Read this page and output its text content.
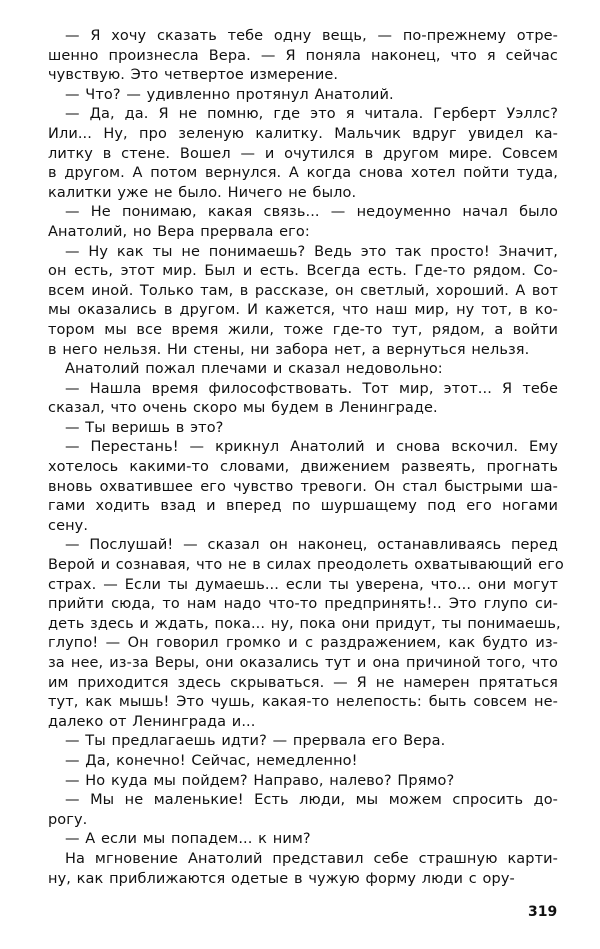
— Я хочу сказать тебе одну вещь, — по-прежнему отре-
шенно произнесла Вера. — Я поняла наконец, что я сейчас
чувствую. Это четвертое измерение.
— Что? — удивленно протянул Анатолий.
— Да, да. Я не помню, где это я читала. Герберт Уэллс?
Или... Ну, про зеленую калитку. Мальчик вдруг увидел ка-
литку в стене. Вошел — и очутился в другом мире. Совсем
в другом. А потом вернулся. А когда снова хотел пойти туда,
калитки уже не было. Ничего не было.
— Не понимаю, какая связь... — недоуменно начал было
Анатолий, но Вера прервала его:
— Ну как ты не понимаешь? Ведь это так просто! Значит,
он есть, этот мир. Был и есть. Всегда есть. Где-то рядом. Со-
всем иной. Только там, в рассказе, он светлый, хороший. А вот
мы оказались в другом. И кажется, что наш мир, ну тот, в ко-
тором мы все время жили, тоже где-то тут, рядом, а войти
в него нельзя. Ни стены, ни забора нет, а вернуться нельзя.
Анатолий пожал плечами и сказал недовольно:
— Нашла время философствовать. Тот мир, этот... Я тебе
сказал, что очень скоро мы будем в Ленинграде.
— Ты веришь в это?
— Перестань! — крикнул Анатолий и снова вскочил. Ему
хотелось какими-то словами, движением развеять, прогнать
вновь охватившее его чувство тревоги. Он стал быстрыми ша-
гами ходить взад и вперед по шуршащему под его ногами
сену.
— Послушай! — сказал он наконец, останавливаясь перед
Верой и сознавая, что не в силах преодолеть охватывающий его
страх. — Если ты думаешь... если ты уверена, что... они могут
прийти сюда, то нам надо что-то предпринять!.. Это глупо си-
деть здесь и ждать, пока... ну, пока они придут, ты понимаешь,
глупо! — Он говорил громко и с раздражением, как будто из-
за нее, из-за Веры, они оказались тут и она причиной того, что
им приходится здесь скрываться. — Я не намерен прятаться
тут, как мышь! Это чушь, какая-то нелепость: быть совсем не-
далеко от Ленинграда и...
— Ты предлагаешь идти? — прервала его Вера.
— Да, конечно! Сейчас, немедленно!
— Но куда мы пойдем? Направо, налево? Прямо?
— Мы не маленькие! Есть люди, мы можем спросить до-
рогу.
— А если мы попадем... к ним?
На мгновение Анатолий представил себе страшную карти-
ну, как приближаются одетые в чужую форму люди с ору-
319
